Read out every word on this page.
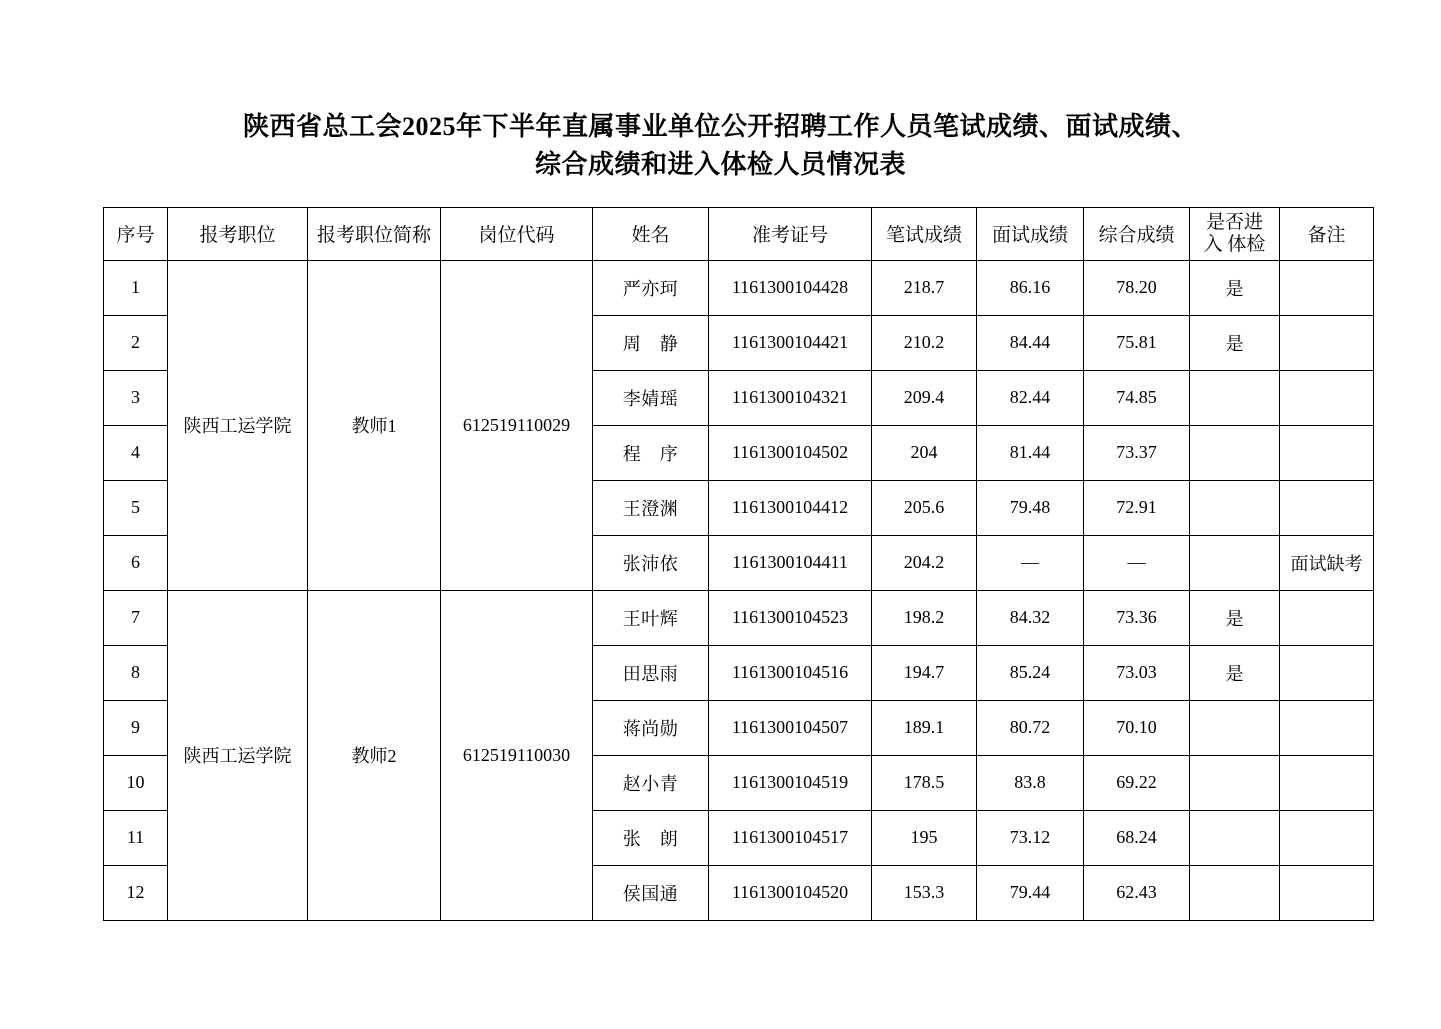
陕西省总工会2025年下半年直属事业单位公开招聘工作人员笔试成绩、面试成绩、
综合成绩和进入体检人员情况表
序号	报考职位	报考职位简称	岗位代码	姓名	准考证号	笔试成绩	面试成绩	综合成绩	是否进
入 体检	备注
1	陕西工运学院	教师1	612519110029	严亦珂	1161300104428	218.7	86.16	78.20	是	
2				周　静	1161300104421	210.2	84.44	75.81	是	
3				李婧瑶	1161300104321	209.4	82.44	74.85		
4				程　序	1161300104502	204	81.44	73.37		
5				王澄渊	1161300104412	205.6	79.48	72.91		
6				张沛依	1161300104411	204.2	—	—		面试缺考
7	陕西工运学院	教师2	612519110030	王叶辉	1161300104523	198.2	84.32	73.36	是	
8				田思雨	1161300104516	194.7	85.24	73.03	是	
9				蒋尚勋	1161300104507	189.1	80.72	70.10		
10				赵小青	1161300104519	178.5	83.8	69.22		
11				张　朗	1161300104517	195	73.12	68.24		
12				侯国通	1161300104520	153.3	79.44	62.43		
